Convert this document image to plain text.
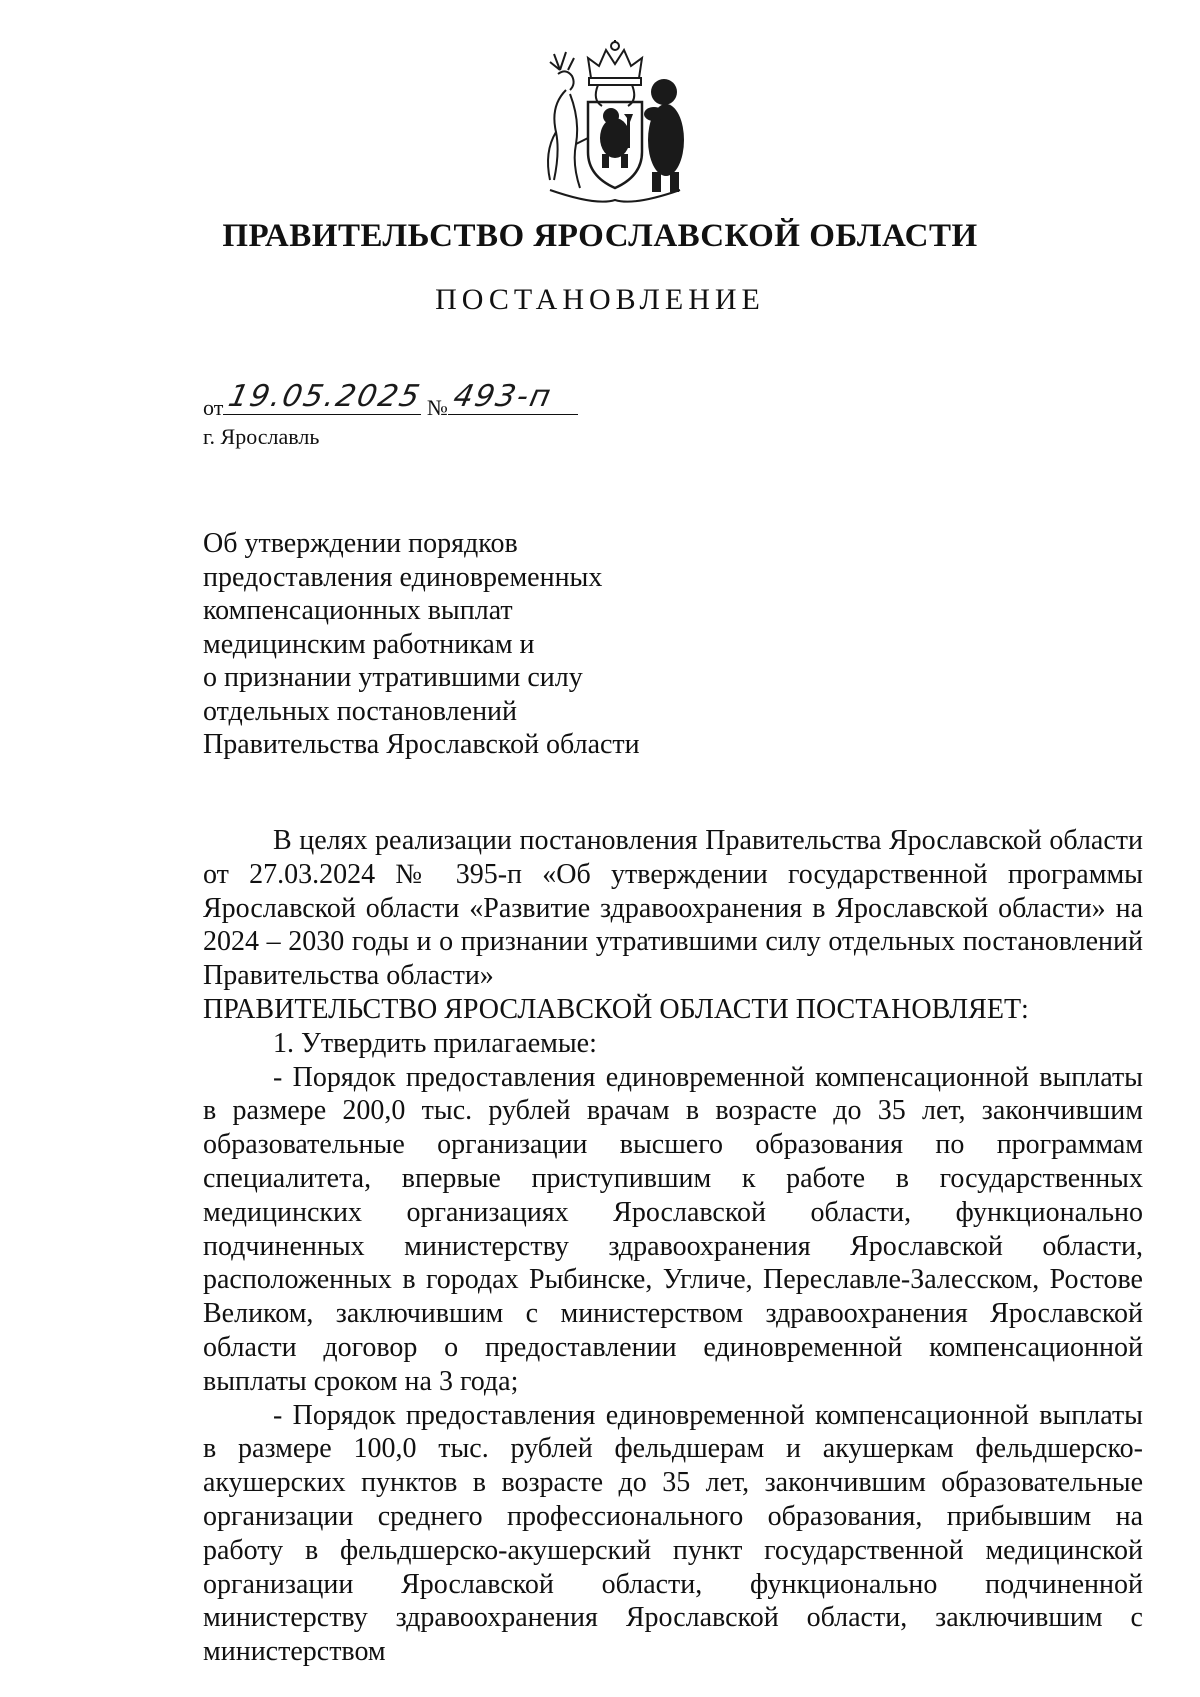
ПРАВИТЕЛЬСТВО ЯРОСЛАВСКОЙ ОБЛАСТИ
ПОСТАНОВЛЕНИЕ
от 19.05.2025 № 493-п
г. Ярославль
Об утверждении порядков
предоставления единовременных
компенсационных выплат
медицинским работникам и
о признании утратившими силу
отдельных постановлений
Правительства Ярославской области

В целях реализации постановления Правительства Ярославской области от 27.03.2024 № 395-п «Об утверждении государственной программы Ярославской области «Развитие здравоохранения в Ярославской области» на 2024 – 2030 годы и о признании утратившими силу отдельных постановлений Правительства области»

ПРАВИТЕЛЬСТВО ЯРОСЛАВСКОЙ ОБЛАСТИ ПОСТАНОВЛЯЕТ:

1. Утвердить прилагаемые:

- Порядок предоставления единовременной компенсационной выплаты в размере 200,0 тыс. рублей врачам в возрасте до 35 лет, закончившим образовательные организации высшего образования по программам специалитета, впервые приступившим к работе в государственных медицинских организациях Ярославской области, функционально подчиненных министерству здравоохранения Ярославской области, расположенных в городах Рыбинске, Угличе, Переславле-Залесском, Ростове Великом, заключившим с министерством здравоохранения Ярославской области договор о предоставлении единовременной компенсационной выплаты сроком на 3 года;

- Порядок предоставления единовременной компенсационной выплаты в размере 100,0 тыс. рублей фельдшерам и акушеркам фельдшерско-акушерских пунктов в возрасте до 35 лет, закончившим образовательные организации среднего профессионального образования, прибывшим на работу в фельдшерско-акушерский пункт государственной медицинской организации Ярославской области, функционально подчиненной министерству здравоохранения Ярославской области, заключившим с министерством
